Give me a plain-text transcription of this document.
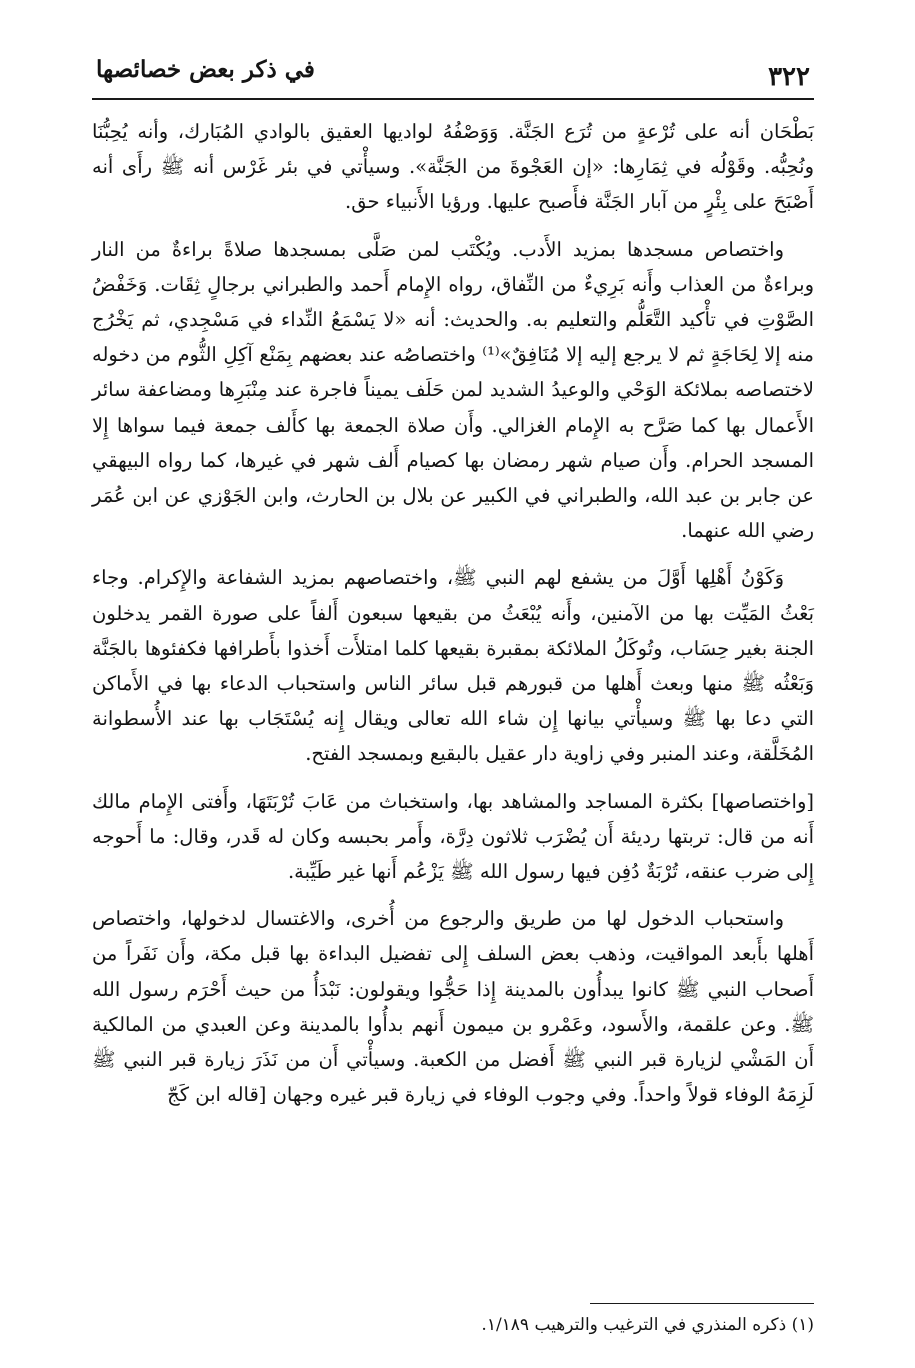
٣٢٢
في ذكر بعض خصائصها

بَطْحَان أنه على تُرْعةٍ من تُرَع الجَنَّة. وَوَصْفُهُ لواديها العقيق بالوادي المُبَارك، وأنه يُحِبُّنَا ونُحِبُّه. وقَوْلُه في ثِمَارِها: «إن العَجْوةَ من الجَنَّة». وسيأْتي في بئر غَرْس أنه ﷺ رأَى أنه أَصْبَحَ على بِئْرٍ من آبار الجَنَّة فأَصبح عليها. ورؤيا الأَنبياء حق.

واختصاص مسجدها بمزيد الأَدب. ويُكْتَب لمن صَلَّى بمسجدها صلاةً براءةٌ من النار وبراءةٌ من العذاب وأَنه بَرِيءٌ من النِّفاق، رواه الإِمام أَحمد والطبراني برجالٍ ثِقَات. وَخَفْضُ الصَّوْتِ في تأْكيد التَّعَلُّم والتعليم به. والحديث: أنه «لا يَسْمَعُ النِّداء في مَسْجِدي، ثم يَخْرُج منه إلا لِحَاجَةٍ ثم لا يرجع إليه إلا مُنَافِقٌ»⁽¹⁾ واختصاصُه عند بعضهم بِمَنْع آكِلِ الثُّوم من دخوله لاختصاصه بملائكة الوَحْي والوعيدُ الشديد لمن حَلَف يميناً فاجرة عند مِنْبَرِها ومضاعفة سائر الأَعمال بها كما صَرَّح به الإِمام الغزالي. وأَن صلاة الجمعة بها كأَلف جمعة فيما سواها إِلا المسجد الحرام. وأَن صيام شهر رمضان بها كصيام أَلف شهر في غيرها، كما رواه البيهقي عن جابر بن عبد الله، والطبراني في الكبير عن بلال بن الحارث، وابن الجَوْزي عن ابن عُمَر رضي الله عنهما.

وَكَوْنُ أَهْلِها أَوَّلَ من يشفع لهم النبي ﷺ، واختصاصهم بمزيد الشفاعة والإِكرام. وجاء بَعْثُ المَيِّت بها من الآمنين، وأَنه يُبْعَثُ من بقيعها سبعون أَلفاً على صورة القمر يدخلون الجنة بغير حِسَاب، وتُوكَلُ الملائكة بمقبرة بقيعها كلما امتلأَت أَخذوا بأَطرافها فكفئوها بالجَنَّة وَبَعْثُه ﷺ منها وبعث أَهلها من قبورهم قبل سائر الناس واستحباب الدعاء بها في الأَماكن التي دعا بها ﷺ وسيأْتي بيانها إِن شاء الله تعالى ويقال إِنه يُسْتَجَاب بها عند الأُسطوانة المُخَلَّقة، وعند المنبر وفي زاوية دار عقيل بالبقيع وبمسجد الفتح.

[واختصاصها] بكثرة المساجد والمشاهد بها، واستخباث من عَابَ تُرْبَتَهَا، وأَفتى الإِمام مالك أَنه من قال: تربتها رديئة أَن يُضْرَب ثلاثون دِرَّة، وأَمر بحبسه وكان له قَدر، وقال: ما أَحوجه إِلى ضرب عنقه، تُرْبَةٌ دُفِن فيها رسول الله ﷺ يَزْعُم أَنها غير طَيِّبة.

واستحباب الدخول لها من طريق والرجوع من أُخرى، والاغتسال لدخولها، واختصاص أَهلها بأَبعد المواقيت، وذهب بعض السلف إِلى تفضيل البداءة بها قبل مكة، وأَن نَفَراً من أَصحاب النبي ﷺ كانوا يبدأُون بالمدينة إِذا حَجُّوا ويقولون: نَبْدَأُ من حيث أَحْرَم رسول الله ﷺ. وعن علقمة، والأَسود، وعَمْرو بن ميمون أَنهم بدأُوا بالمدينة وعن العبدي من المالكية أَن المَشْي لزيارة قبر النبي ﷺ أَفضل من الكعبة. وسيأْتي أَن من نَذَرَ زيارة قبر النبي ﷺ لَزِمَهُ الوفاء قولاً واحداً. وفي وجوب الوفاء في زيارة قبر غيره وجهان [قاله ابن كَجّ

(١) ذكره المنذري في الترغيب والترهيب ١/١٨٩.
